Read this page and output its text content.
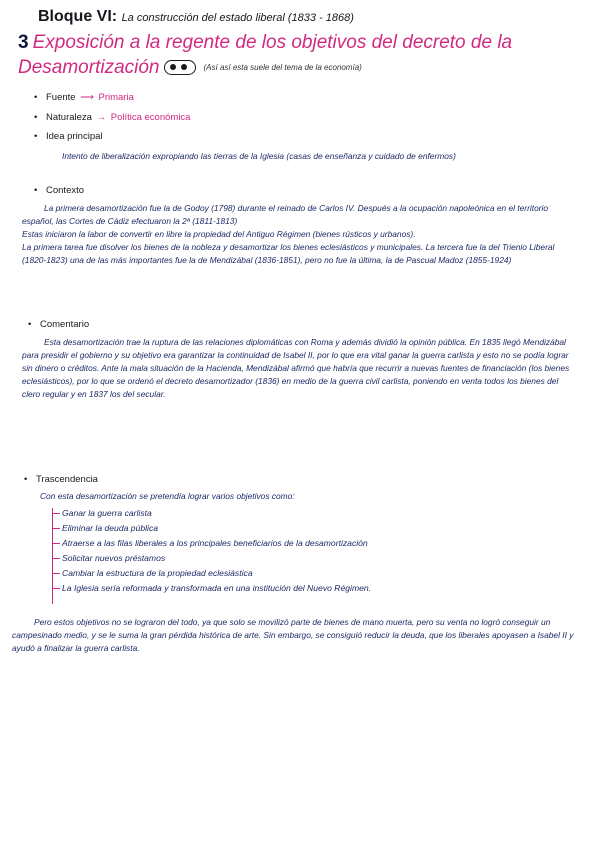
Bloque VI: La construcción del estado liberal (1833 - 1868)
3 Exposición a la regente de los objetivos del decreto de la Desamortización	(Así así esta suele del tema de la economía)
• Fuente ⟶ Primaria
• Naturaleza → Política económica
• Idea principal

Intento de liberalización expropiando las tierras de la Iglesia (casas de enseñanza y cuidado de enfermos)

• Contexto

La primera desamortización fue la de Godoy (1798) durante el reinado de Carlos IV. Después a la ocupación napoleónica en el territorio español, las Cortes de Cádiz efectuaron la 2ª (1811-1813)

Estas iniciaron la labor de convertir en libre la propiedad del Antiguo Régimen (bienes rústicos y urbanos).

La primera tarea fue disolver los bienes de la nobleza y desamortizar los bienes eclesiásticos y municipales. La tercera fue la del Trienio Liberal (1820-1823) una de las más importantes fue la de Mendizábal (1836-1851), pero no fue la última, la de Pascual Madoz (1855-1924)

• Comentario

Esta desamortización trae la ruptura de las relaciones diplomáticas con Roma y además dividió la opinión pública. En 1835 llegó Mendizábal para presidir el gobierno y su objetivo era garantizar la continuidad de Isabel II, por lo que era vital ganar la guerra carlista y esto no se podía lograr sin dinero o créditos. Ante la mala situación de la Hacienda, Mendizábal afirmó que habría que recurrir a nuevas fuentes de financiación (los bienes eclesiásticos), por lo que se ordenó el decreto desamortizador (1836) en medio de la guerra civil carlista, poniendo en venta todos los bienes del clero regular y en 1837 los del secular.

• Trascendencia

Con esta desamortización se pretendía lograr varios objetivos como:

Ganar la guerra carlista
Eliminar la deuda pública
Atraerse a las filas liberales a los principales beneficiarios de la desamortización
Solicitar nuevos préstamos
Cambiar la estructura de la propiedad eclesiástica
La Iglesia sería reformada y transformada en una institución del Nuevo Régimen.

Pero estos objetivos no se lograron del todo, ya que solo se movilizó parte de bienes de mano muerta, pero su venta no logró conseguir un campesinado medio, y se le suma la gran pérdida histórica de arte. Sin embargo, se consiguió reducir la deuda, que los liberales apoyasen a Isabel II y ayudó a finalizar la guerra carlista.
